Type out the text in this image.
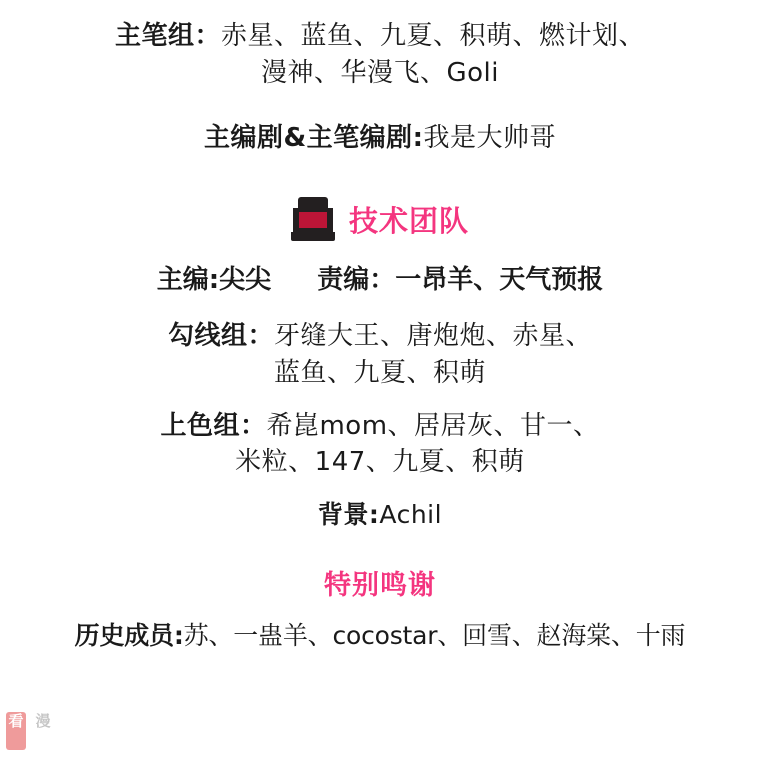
主笔组：赤星、蓝鱼、九夏、积萌、燃计划、
漫神、华漫飞、Goli
主编剧&主笔编剧:我是大帅哥
技术团队
主编:尖尖 责编：一昂羊、天气预报
勾线组：牙缝大王、唐炮炮、赤星、
蓝鱼、九夏、积萌
上色组：希崑mom、居居灰、甘一、
米粒、147、九夏、积萌
背景:Achil
特别鸣谢
历史成员:苏、一蛊羊、cocostar、回雪、赵海棠、十雨
看 漫
